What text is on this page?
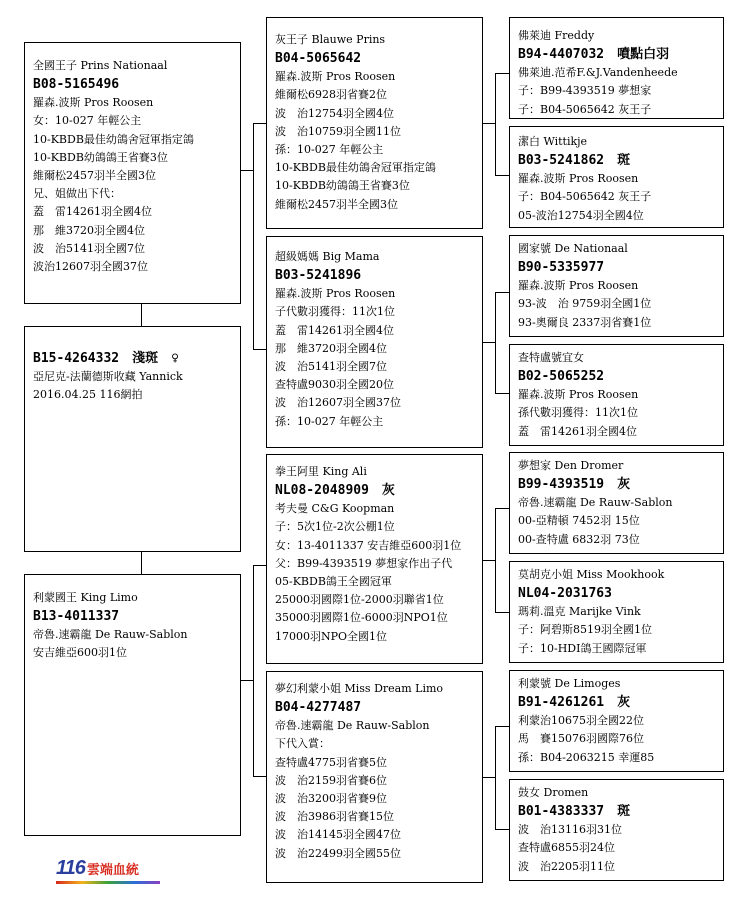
全國王子 Prins Nationaal
B08-5165496
羅森.波斯 Pros Roosen
女：10-027 年輕公主
10-KBDB最佳幼鴿舍冠軍指定鴿
10-KBDB幼鴿鴿王省賽3位
維爾松2457羽半全國3位
兄、姐做出下代：
蓋　雷14261羽全國4位
那　維3720羽全國4位
波　治5141羽全國7位
波治12607羽全國37位
B15-4264332　淺斑　♀
亞尼克-法蘭德斯收藏 Yannick
2016.04.25 116網拍
利蒙國王 King Limo
B13-4011337
帝魯.速霸龍 De Rauw-Sablon
安吉維亞600羽1位
灰王子 Blauwe Prins
B04-5065642
羅森.波斯 Pros Roosen
維爾松6928羽省賽2位
波　治12754羽全國4位
波　治10759羽全國11位
孫：10-027 年輕公主
10-KBDB最佳幼鴿舍冠軍指定鴿
10-KBDB幼鴿鴿王省賽3位
維爾松2457羽半全國3位
超級媽媽 Big Mama
B03-5241896
羅森.波斯 Pros Roosen
子代數羽獲得：11次1位
蓋　雷14261羽全國4位
那　維3720羽全國4位
波　治5141羽全國7位
查特盧9030羽全國20位
波　治12607羽全國37位
孫：10-027 年輕公主
拳王阿里 King Ali
NL08-2048909　灰
考夫曼 C&G Koopman
子：5次1位-2次公棚1位
女：13-4011337 安吉維亞600羽1位
父：B99-4393519 夢想家作出子代
05-KBDB鴿王全國冠軍
25000羽國際1位-2000羽聯省1位
35000羽國際1位-6000羽NPO1位
17000羽NPO全國1位
夢幻利蒙小姐 Miss Dream Limo
B04-4277487
帝魯.速霸龍 De Rauw-Sablon
下代入賞：
查特盧4775羽省賽5位
波　治2159羽省賽6位
波　治3200羽省賽9位
波　治3986羽省賽15位
波　治14145羽全國47位
波　治22499羽全國55位
佛萊迪 Freddy
B94-4407032　噴點白羽
佛萊迪.范希F.&J.Vandenheede
子：B99-4393519 夢想家
子：B04-5065642 灰王子
潔白 Wittikje
B03-5241862　斑
羅森.波斯 Pros Roosen
子：B04-5065642 灰王子
05-波治12754羽全國4位
國家號 De Nationaal
B90-5335977
羅森.波斯 Pros Roosen
93-波　治 9759羽全國1位
93-奧爾良 2337羽省賽1位
查特盧號宜女
B02-5065252
羅森.波斯 Pros Roosen
孫代數羽獲得：11次1位
蓋　雷14261羽全國4位
夢想家 Den Dromer
B99-4393519　灰
帝魯.速霸龍 De Rauw-Sablon
00-亞精頓 7452羽 15位
00-查特盧 6832羽 73位
莫胡克小姐 Miss Mookhook
NL04-2031763
瑪莉.溫克 Marijke Vink
子：阿碧斯8519羽全國1位
子：10-HDI鴿王國際冠軍
利蒙號 De Limoges
B91-4261261　灰
利蒙治10675羽全國22位
馬　賽15076羽國際76位
孫：B04-2063215 幸運85
鼓女 Dromen
B01-4383337　斑
波　治13116羽31位
查特盧6855羽24位
波　治2205羽11位
116 雲端血統
